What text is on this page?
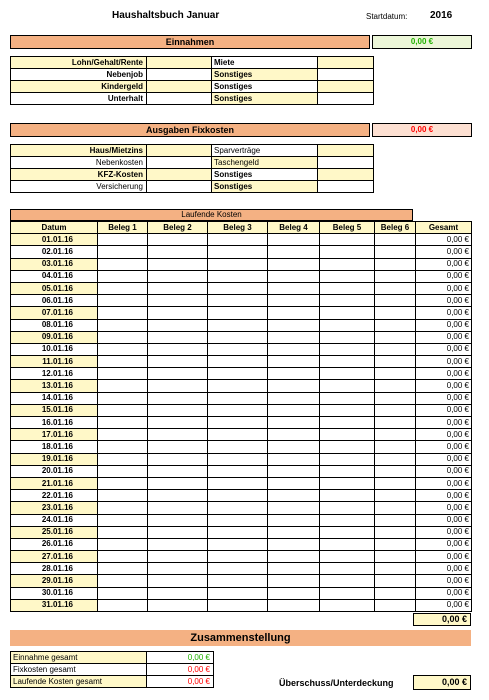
Haushaltsbuch Januar	Startdatum: 2016
Einnahmen	0,00 €
Lohn/Gehalt/Rente		Miete	
Nebenjob		Sonstiges	
Kindergeld		Sonstiges	
Unterhalt		Sonstiges	
Ausgaben Fixkosten	0,00 €
Haus/Mietzins		Sparverträge	
Nebenkosten		Taschengeld	
KFZ-Kosten		Sonstiges	
Versicherung		Sonstiges	
Laufende Kosten
Datum	Beleg 1	Beleg 2	Beleg 3	Beleg 4	Beleg 5	Beleg 6	Gesamt
01.01.16							0,00 €
02.01.16							0,00 €
03.01.16							0,00 €
04.01.16							0,00 €
05.01.16							0,00 €
06.01.16							0,00 €
07.01.16							0,00 €
08.01.16							0,00 €
09.01.16							0,00 €
10.01.16							0,00 €
11.01.16							0,00 €
12.01.16							0,00 €
13.01.16							0,00 €
14.01.16							0,00 €
15.01.16							0,00 €
16.01.16							0,00 €
17.01.16							0,00 €
18.01.16							0,00 €
19.01.16							0,00 €
20.01.16							0,00 €
21.01.16							0,00 €
22.01.16							0,00 €
23.01.16							0,00 €
24.01.16							0,00 €
25.01.16							0,00 €
26.01.16							0,00 €
27.01.16							0,00 €
28.01.16							0,00 €
29.01.16							0,00 €
30.01.16							0,00 €
31.01.16							0,00 €
0,00 €
Zusammenstellung
Einnahme gesamt	0,00 €
Fixkosten gesamt	0,00 €
Laufende Kosten gesamt	0,00 €	Überschuss/Unterdeckung	0,00 €
